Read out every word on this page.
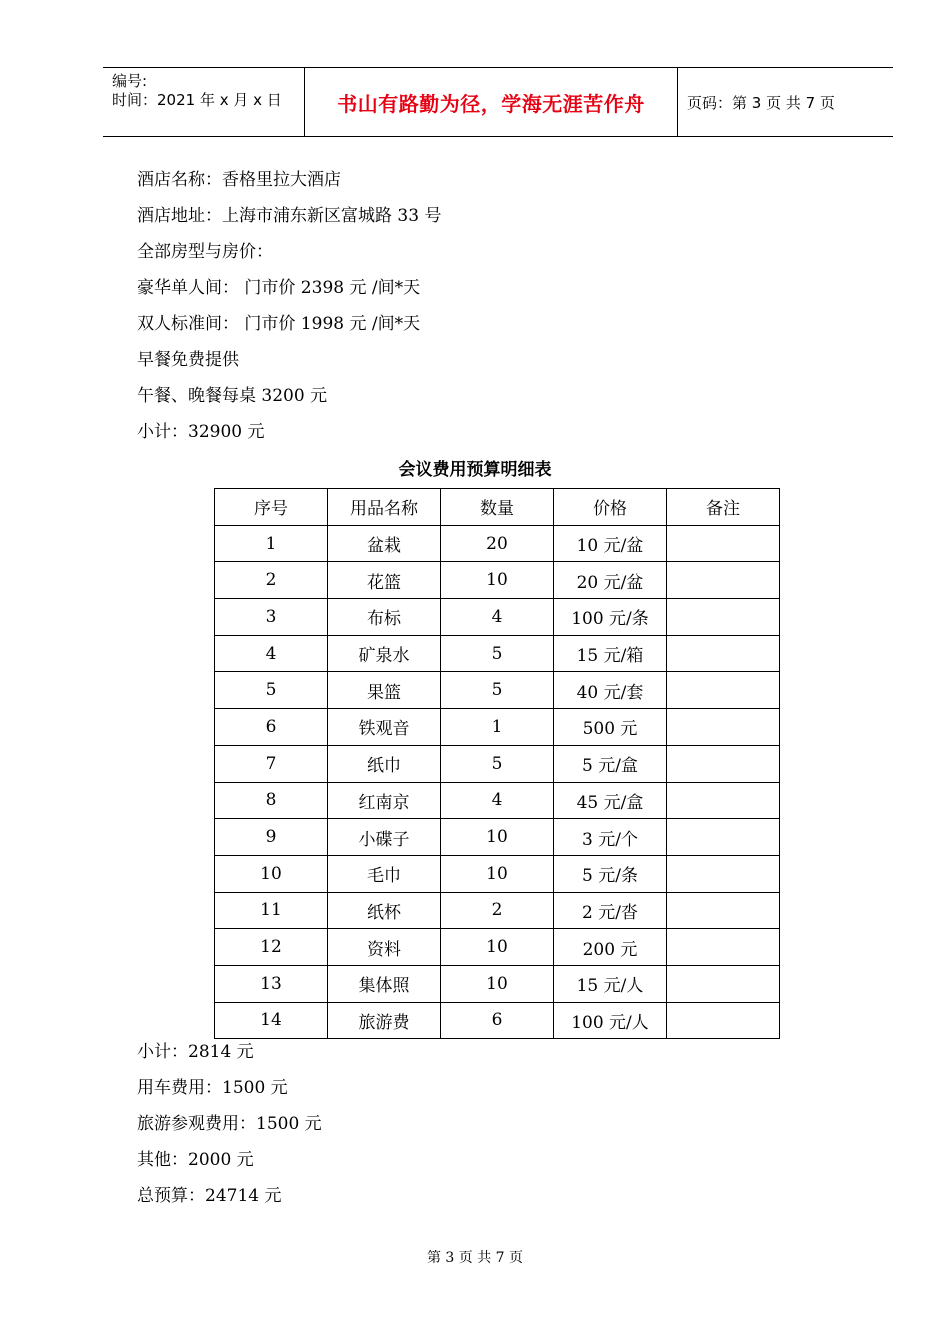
编号:
时间：2021 年 x 月 x 日	书山有路勤为径，学海无涯苦作舟	页码：第 3 页 共 7 页
酒店名称：香格里拉大酒店
酒店地址：上海市浦东新区富城路 33 号
全部房型与房价：
豪华单人间： 门市价 2398 元 /间*天
双人标准间： 门市价 1998 元 /间*天
早餐免费提供
午餐、晚餐每桌 3200 元
小计：32900 元
会议费用预算明细表
序号	用品名称	数量	价格	备注
1	盆栽	20	10 元/盆	
2	花篮	10	20 元/盆	
3	布标	4	100 元/条	
4	矿泉水	5	15 元/箱	
5	果篮	5	40 元/套	
6	铁观音	1	500 元	
7	纸巾	5	5 元/盒	
8	红南京	4	45 元/盒	
9	小碟子	10	3 元/个	
10	毛巾	10	5 元/条	
11	纸杯	2	2 元/沓	
12	资料	10	200 元	
13	集体照	10	15 元/人	
14	旅游费	6	100 元/人	
小计：2814 元
用车费用：1500 元
旅游参观费用：1500 元
其他：2000 元
总预算：24714 元
第 3 页 共 7 页
